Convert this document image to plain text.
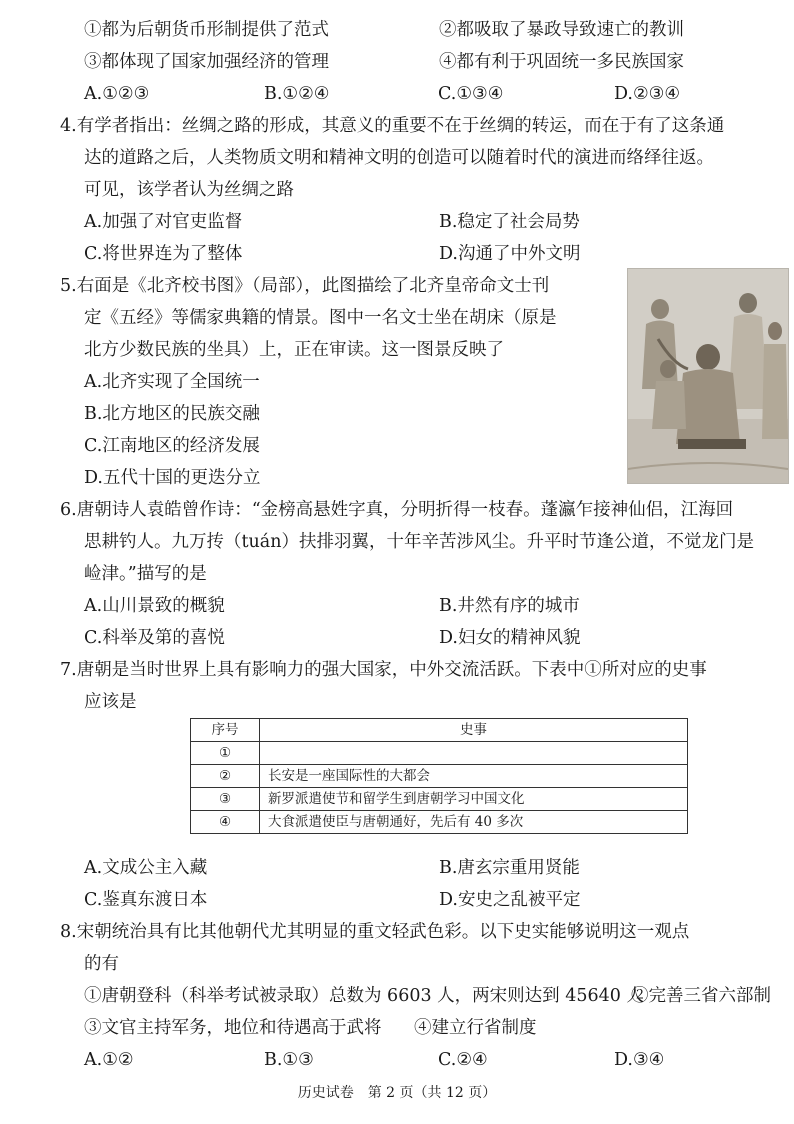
①都为后朝货币形制提供了范式	②都吸取了暴政导致速亡的教训
③都体现了国家加强经济的管理	④都有利于巩固统一多民族国家
A.①②③	B.①②④	C.①③④	D.②③④
4.有学者指出：丝绸之路的形成，其意义的重要不在于丝绸的转运，而在于有了这条通
达的道路之后，人类物质文明和精神文明的创造可以随着时代的演进而络绎往返。
可见，该学者认为丝绸之路
A.加强了对官吏监督	B.稳定了社会局势
C.将世界连为了整体	D.沟通了中外文明
5.右面是《北齐校书图》（局部），此图描绘了北齐皇帝命文士刊
定《五经》等儒家典籍的情景。图中一名文士坐在胡床（原是
北方少数民族的坐具）上，正在审读。这一图景反映了
A.北齐实现了全国统一
B.北方地区的民族交融
C.江南地区的经济发展
D.五代十国的更迭分立
6.唐朝诗人袁皓曾作诗：“金榜高悬姓字真，分明折得一枝春。蓬瀛乍接神仙侣，江海回
思耕钓人。九万抟（tuán）扶排羽翼，十年辛苦涉风尘。升平时节逢公道，不觉龙门是
崄津。”描写的是
A.山川景致的概貌	B.井然有序的城市
C.科举及第的喜悦	D.妇女的精神风貌
7.唐朝是当时世界上具有影响力的强大国家，中外交流活跃。下表中①所对应的史事
应该是
序号	史事
①	
②	长安是一座国际性的大都会
③	新罗派遣使节和留学生到唐朝学习中国文化
④	大食派遣使臣与唐朝通好，先后有 40 多次
A.文成公主入藏	B.唐玄宗重用贤能
C.鉴真东渡日本	D.安史之乱被平定
8.宋朝统治具有比其他朝代尤其明显的重文轻武色彩。以下史实能够说明这一观点
的有
①唐朝登科（科举考试被录取）总数为 6603 人，两宋则达到 45640 人
②完善三省六部制
③文官主持军务，地位和待遇高于武将 ④建立行省制度
A.①②	B.①③	C.②④	D.③④
历史试卷　第 2 页（共 12 页）
